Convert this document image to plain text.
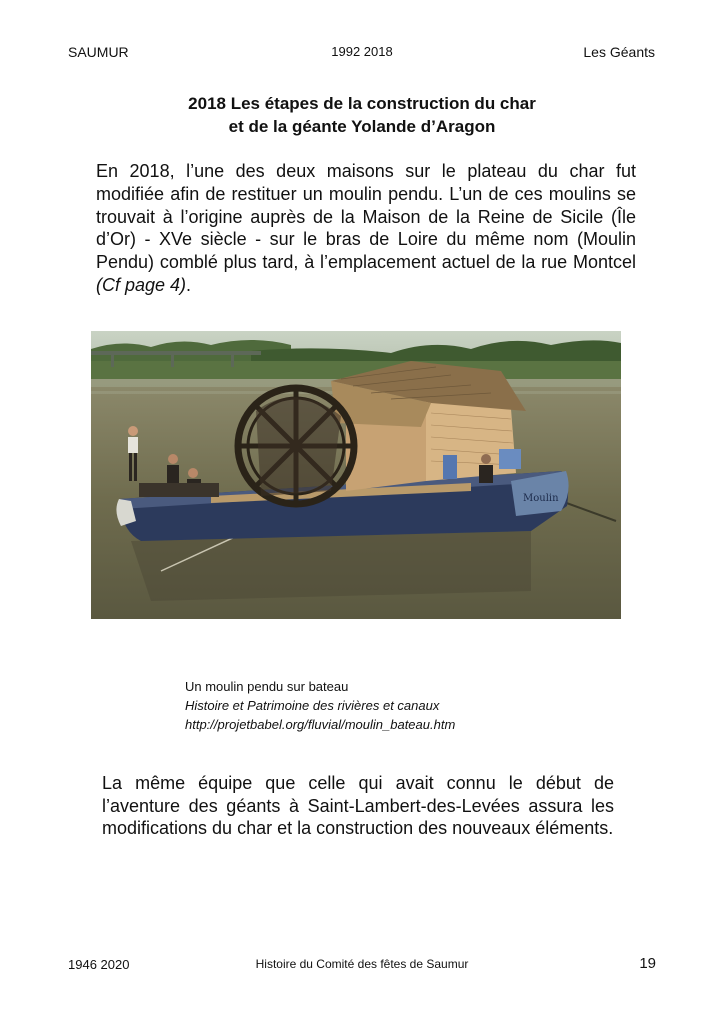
SAUMUR	1992 2018	Les Géants
2018 Les étapes de la construction du char
et de la géante Yolande d’Aragon

En 2018, l’une des deux maisons sur le plateau du char fut modifiée afin de restituer un moulin pendu. L’un de ces moulins se trouvait à l’origine auprès de la Maison de la Reine de Sicile (Île d’Or) - XVe siècle - sur le bras de Loire du même nom (Moulin Pendu) comblé plus tard, à l’emplacement actuel de la rue Montcel (Cf page 4).

Moulin
Un moulin pendu sur bateau
Histoire et Patrimoine des rivières et canaux
http://projetbabel.org/fluvial/moulin_bateau.htm

La même équipe que celle qui avait connu le début de l’aventure des géants à Saint-Lambert-des-Levées assura les modifications du char et la construction des nouveaux éléments.

1946 2020	Histoire du Comité des fêtes de Saumur	19
